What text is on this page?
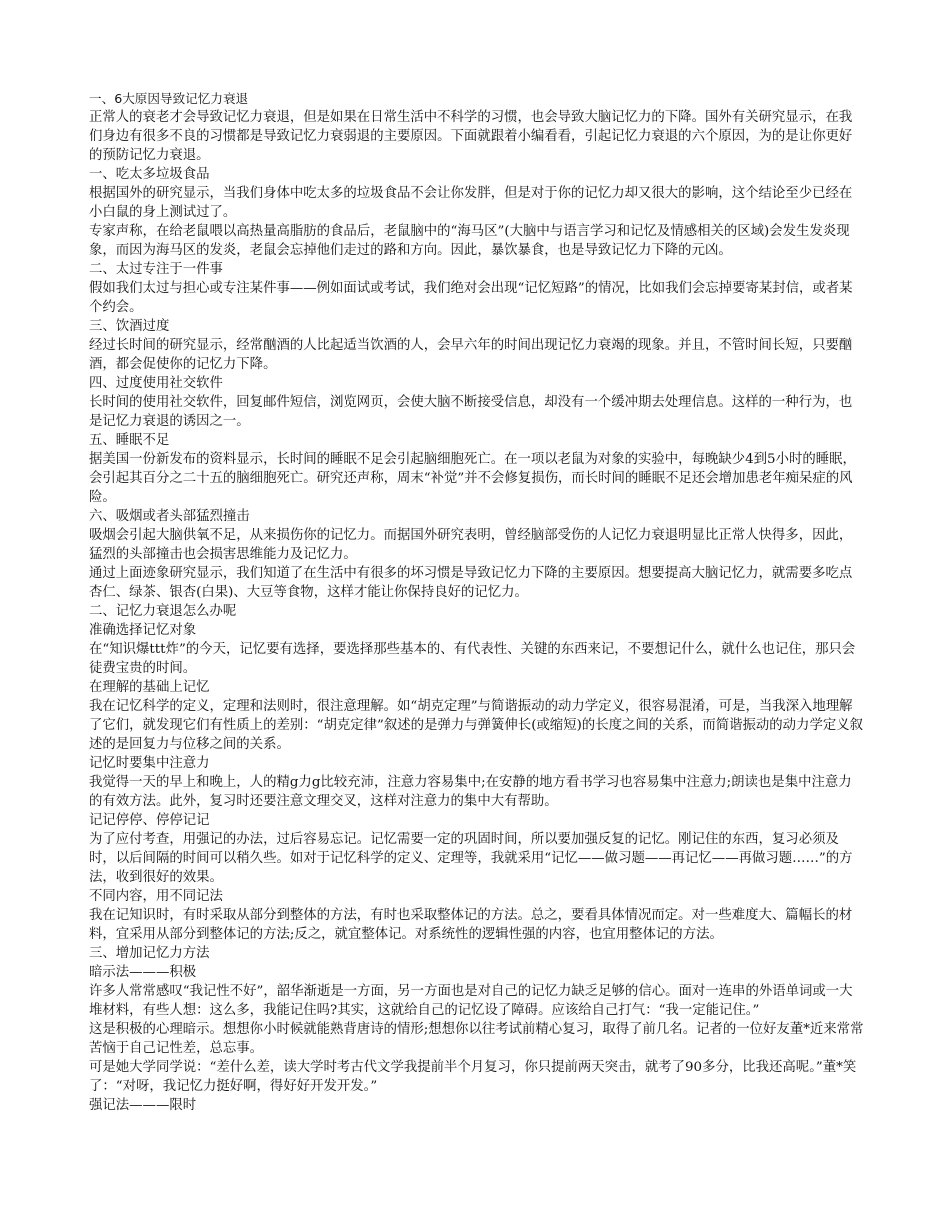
一、6大原因导致记忆力衰退

正常人的衰老才会导致记忆力衰退，但是如果在日常生活中不科学的习惯，也会导致大脑记忆力的下降。国外有关研究显示，在我们身边有很多不良的习惯都是导致记忆力衰弱退的主要原因。下面就跟着小编看看，引起记忆力衰退的六个原因，为的是让你更好的预防记忆力衰退。

一、吃太多垃圾食品

根据国外的研究显示，当我们身体中吃太多的垃圾食品不会让你发胖，但是对于你的记忆力却又很大的影响，这个结论至少已经在小白鼠的身上测试过了。

专家声称，在给老鼠喂以高热量高脂肪的食品后，老鼠脑中的“海马区”(大脑中与语言学习和记忆及情感相关的区域)会发生发炎现象，而因为海马区的发炎，老鼠会忘掉他们走过的路和方向。因此，暴饮暴食，也是导致记忆力下降的元凶。

二、太过专注于一件事

假如我们太过与担心或专注某件事——例如面试或考试，我们绝对会出现“记忆短路”的情况，比如我们会忘掉要寄某封信，或者某个约会。

三、饮酒过度

经过长时间的研究显示，经常酗酒的人比起适当饮酒的人，会早六年的时间出现记忆力衰竭的现象。并且，不管时间长短，只要酗酒，都会促使你的记忆力下降。

四、过度使用社交软件

长时间的使用社交软件，回复邮件短信，浏览网页，会使大脑不断接受信息，却没有一个缓冲期去处理信息。这样的一种行为，也是记忆力衰退的诱因之一。

五、睡眠不足

据美国一份新发布的资料显示，长时间的睡眠不足会引起脑细胞死亡。在一项以老鼠为对象的实验中，每晚缺少4到5小时的睡眠，会引起其百分之二十五的脑细胞死亡。研究还声称，周末“补觉”并不会修复损伤，而长时间的睡眠不足还会增加患老年痴呆症的风险。

六、吸烟或者头部猛烈撞击

吸烟会引起大脑供氧不足，从来损伤你的记忆力。而据国外研究表明，曾经脑部受伤的人记忆力衰退明显比正常人快得多，因此，猛烈的头部撞击也会损害思维能力及记忆力。

通过上面迹象研究显示，我们知道了在生活中有很多的坏习惯是导致记忆力下降的主要原因。想要提高大脑记忆力，就需要多吃点杏仁、绿茶、银杏(白果)、大豆等食物，这样才能让你保持良好的记忆力。

二、记忆力衰退怎么办呢

准确选择记忆对象

在“知识爆ttt炸”的今天，记忆要有选择，要选择那些基本的、有代表性、关键的东西来记，不要想记什么，就什么也记住，那只会徒费宝贵的时间。

在理解的基础上记忆

我在记忆科学的定义，定理和法则时，很注意理解。如“胡克定理”与简谐振动的动力学定义，很容易混淆，可是，当我深入地理解了它们，就发现它们有性质上的差别：“胡克定律”叙述的是弹力与弹簧伸长(或缩短)的长度之间的关系，而简谐振动的动力学定义叙述的是回复力与位移之间的关系。

记忆时要集中注意力

我觉得一天的早上和晚上，人的精g力g比较充沛，注意力容易集中;在安静的地方看书学习也容易集中注意力;朗读也是集中注意力的有效方法。此外，复习时还要注意文理交叉，这样对注意力的集中大有帮助。

记记停停、停停记记

为了应付考查，用强记的办法，过后容易忘记。记忆需要一定的巩固时间，所以要加强反复的记忆。刚记住的东西，复习必须及时，以后间隔的时间可以稍久些。如对于记忆科学的定义、定理等，我就采用“记忆——做习题——再记忆——再做习题……”的方法，收到很好的效果。

不同内容，用不同记法

我在记知识时，有时采取从部分到整体的方法，有时也采取整体记的方法。总之，要看具体情况而定。对一些难度大、篇幅长的材料，宜采用从部分到整体记的方法;反之，就宜整体记。对系统性的逻辑性强的内容，也宜用整体记的方法。

三、增加记忆力方法

暗示法———积极

许多人常常感叹“我记性不好”，韶华渐逝是一方面，另一方面也是对自己的记忆力缺乏足够的信心。面对一连串的外语单词或一大堆材料，有些人想：这么多，我能记住吗?其实，这就给自己的记忆设了障碍。应该给自己打气：“我一定能记住。”

这是积极的心理暗示。想想你小时候就能熟背唐诗的情形;想想你以往考试前精心复习，取得了前几名。记者的一位好友董*近来常常苦恼于自己记性差，总忘事。

可是她大学同学说：“差什么差，读大学时考古代文学我提前半个月复习，你只提前两天突击，就考了90多分，比我还高呢。”董*笑了：“对呀，我记忆力挺好啊，得好好开发开发。”

强记法———限时
